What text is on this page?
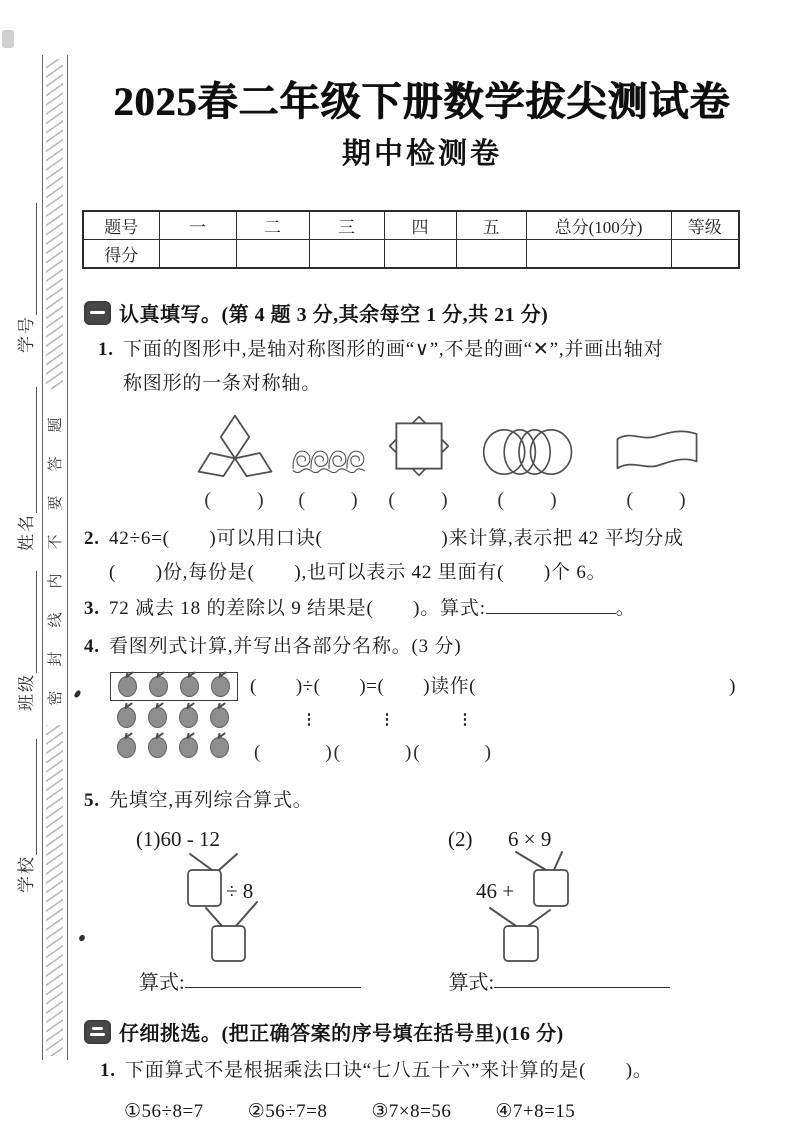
密封线内不要答题
学校
班级
姓名
学号
2025春二年级下册数学拔尖测试卷
期中检测卷
题号	一	二	三	四	五	总分(100分)	等级
得分							
认真填写。 (第 4 题 3 分,其余每空 1 分,共 21 分)
1. 下面的图形中,是轴对称图形的画“∨”,不是的画“✕”,并画出轴对
称图形的一条对称轴。
(　　) (　　) (　　) (　　)	(　　)
2. 42÷6=(　　)可以用口诀(　　　　　　)来计算,表示把 42 平均分成
(　　)份,每份是(　　),也可以表示 42 里面有(　　)个 6。
3. 72 减去 18 的差除以 9 结果是(　　)。算式:	。
4. 看图列式计算,并写出各部分名称。(3 分)
(　　)÷(　　)=(　　)读作(	)
⋮	⋮	⋮
(　　　)(　　　)(　　　)
5. 先填空,再列综合算式。
(1)60 - 12
÷ 8
(2) 6 × 9
46 +
算式:	算式:
仔细挑选。 (把正确答案的序号填在括号里)(16 分)
1. 下面算式不是根据乘法口诀“七八五十六”来计算的是(　　)。
①56÷8=7 ②56÷7=8 ③7×8=56 ④7+8=15
